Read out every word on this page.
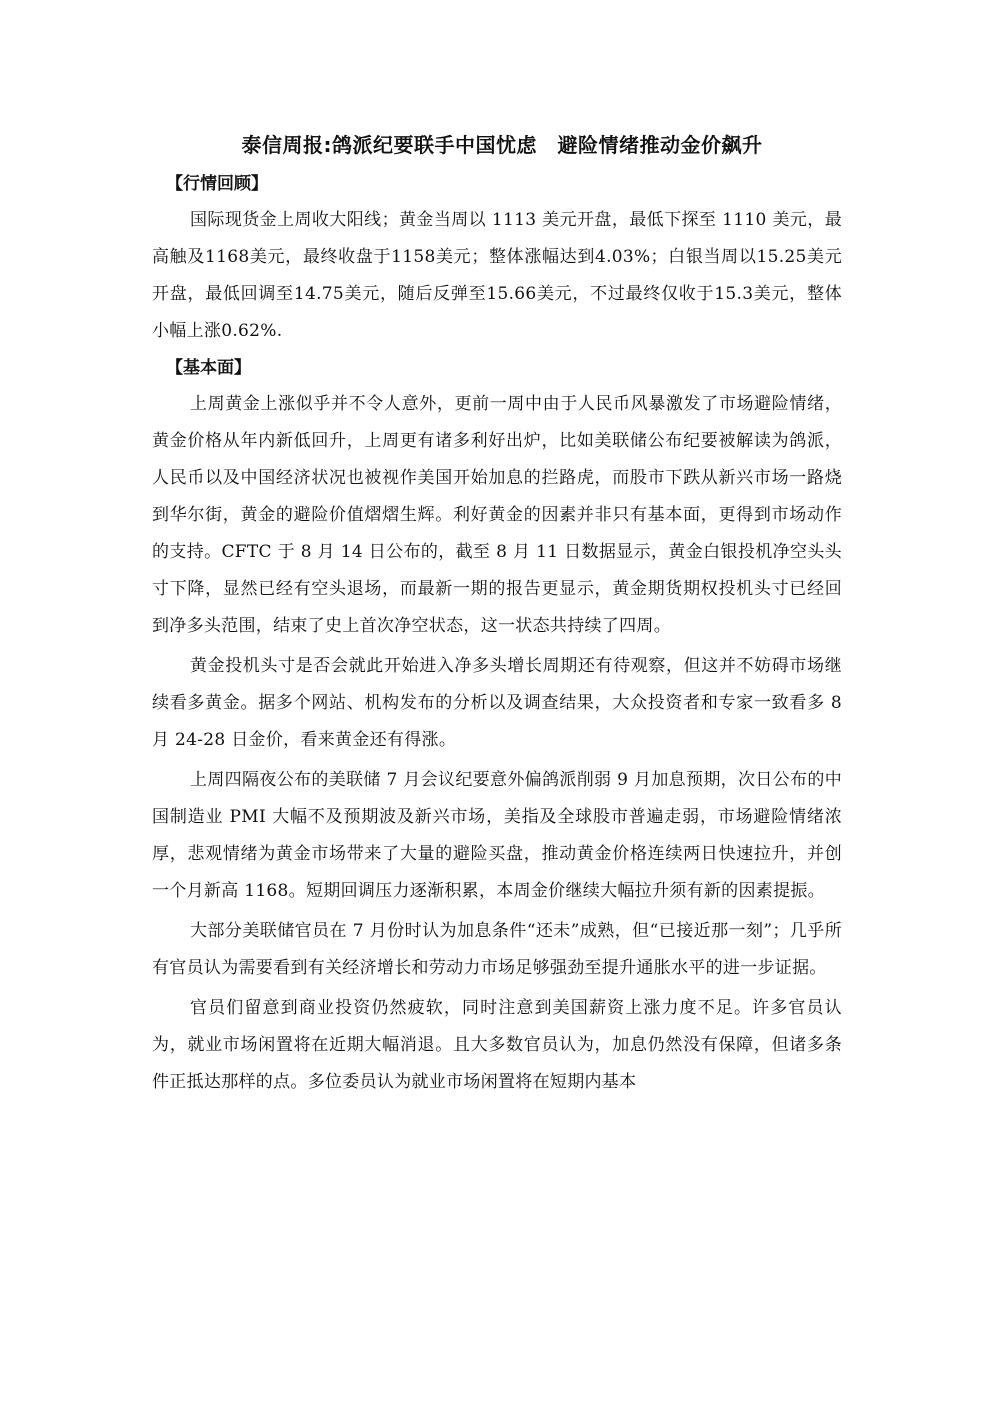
泰信周报:鸽派纪要联手中国忧虑　避险情绪推动金价飙升
【行情回顾】

国际现货金上周收大阳线；黄金当周以 1113 美元开盘，最低下探至 1110 美元，最高触及1168美元，最终收盘于1158美元；整体涨幅达到4.03%；白银当周以15.25美元开盘，最低回调至14.75美元，随后反弹至15.66美元，不过最终仅收于15.3美元，整体小幅上涨0.62%.

【基本面】

上周黄金上涨似乎并不令人意外，更前一周中由于人民币风暴激发了市场避险情绪，黄金价格从年内新低回升，上周更有诸多利好出炉，比如美联储公布纪要被解读为鸽派，人民币以及中国经济状况也被视作美国开始加息的拦路虎，而股市下跌从新兴市场一路烧到华尔街，黄金的避险价值熠熠生辉。利好黄金的因素并非只有基本面，更得到市场动作的支持。CFTC 于 8 月 14 日公布的，截至 8 月 11 日数据显示，黄金白银投机净空头头寸下降，显然已经有空头退场，而最新一期的报告更显示，黄金期货期权投机头寸已经回到净多头范围，结束了史上首次净空状态，这一状态共持续了四周。

黄金投机头寸是否会就此开始进入净多头增长周期还有待观察，但这并不妨碍市场继续看多黄金。据多个网站、机构发布的分析以及调查结果，大众投资者和专家一致看多 8 月 24-28 日金价，看来黄金还有得涨。

上周四隔夜公布的美联储 7 月会议纪要意外偏鸽派削弱 9 月加息预期，次日公布的中国制造业 PMI 大幅不及预期波及新兴市场，美指及全球股市普遍走弱，市场避险情绪浓厚，悲观情绪为黄金市场带来了大量的避险买盘，推动黄金价格连续两日快速拉升，并创一个月新高 1168。短期回调压力逐渐积累，本周金价继续大幅拉升须有新的因素提振。

大部分美联储官员在 7 月份时认为加息条件“还未”成熟，但“已接近那一刻”；几乎所有官员认为需要看到有关经济增长和劳动力市场足够强劲至提升通胀水平的进一步证据。

官员们留意到商业投资仍然疲软，同时注意到美国薪资上涨力度不足。许多官员认为，就业市场闲置将在近期大幅消退。且大多数官员认为，加息仍然没有保障，但诸多条件正抵达那样的点。多位委员认为就业市场闲置将在短期内基本
